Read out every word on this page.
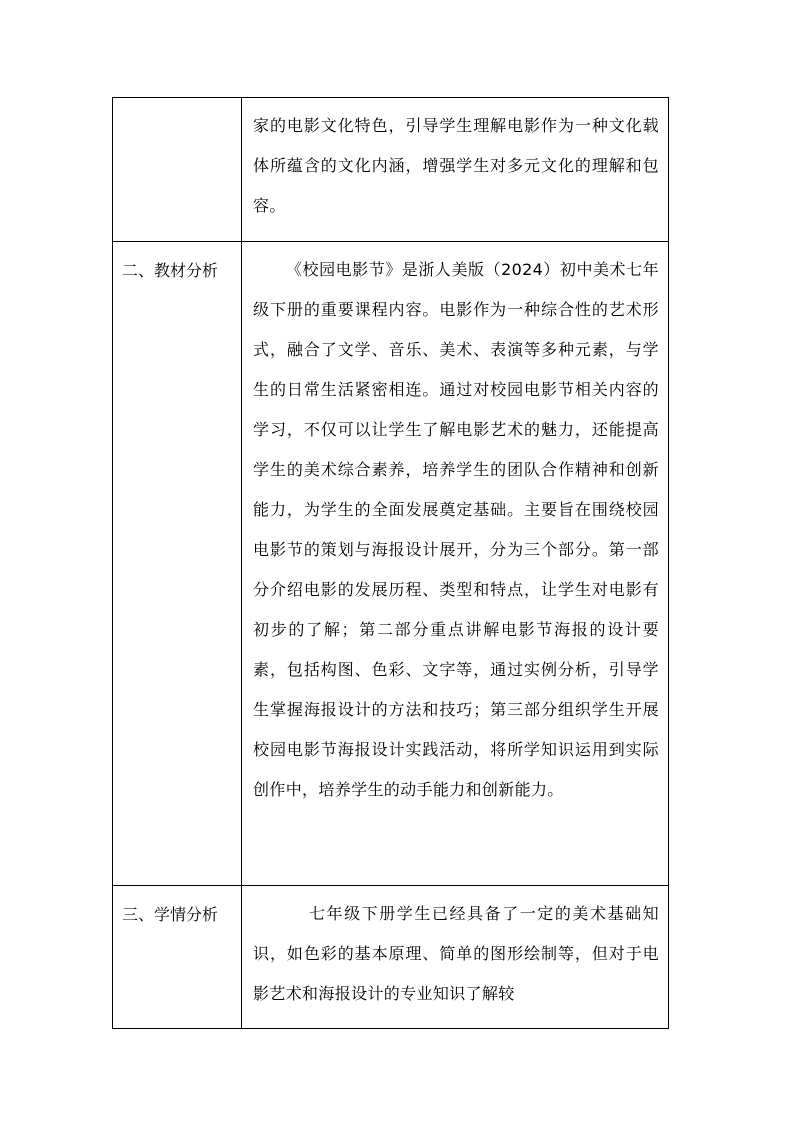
	家的电影文化特色，引导学生理解电影作为一种文化载体所蕴含的文化内涵，增强学生对多元文化的理解和包容。

二、教材分析	《校园电影节》是浙人美版（2024）初中美术七年级下册的重要课程内容。电影作为一种综合性的艺术形式，融合了文学、音乐、美术、表演等多种元素，与学生的日常生活紧密相连。通过对校园电影节相关内容的学习，不仅可以让学生了解电影艺术的魅力，还能提高学生的美术综合素养，培养学生的团队合作精神和创新能力，为学生的全面发展奠定基础。主要旨在围绕校园电影节的策划与海报设计展开，分为三个部分。第一部分介绍电影的发展历程、类型和特点，让学生对电影有初步的了解；第二部分重点讲解电影节海报的设计要素，包括构图、色彩、文字等，通过实例分析，引导学生掌握海报设计的方法和技巧；第三部分组织学生开展校园电影节海报设计实践活动，将所学知识运用到实际创作中，培养学生的动手能力和创新能力。

三、学情分析	七年级下册学生已经具备了一定的美术基础知识，如色彩的基本原理、简单的图形绘制等，但对于电影艺术和海报设计的专业知识了解较
